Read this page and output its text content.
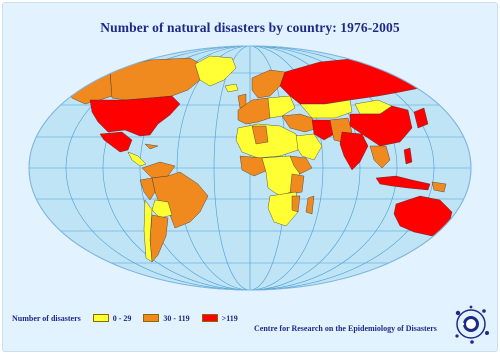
Number of natural disasters by country: 1976-2005
Number of disasters	0 - 29	30 - 119	>119
Centre for Research on the Epidemiology of Disasters
